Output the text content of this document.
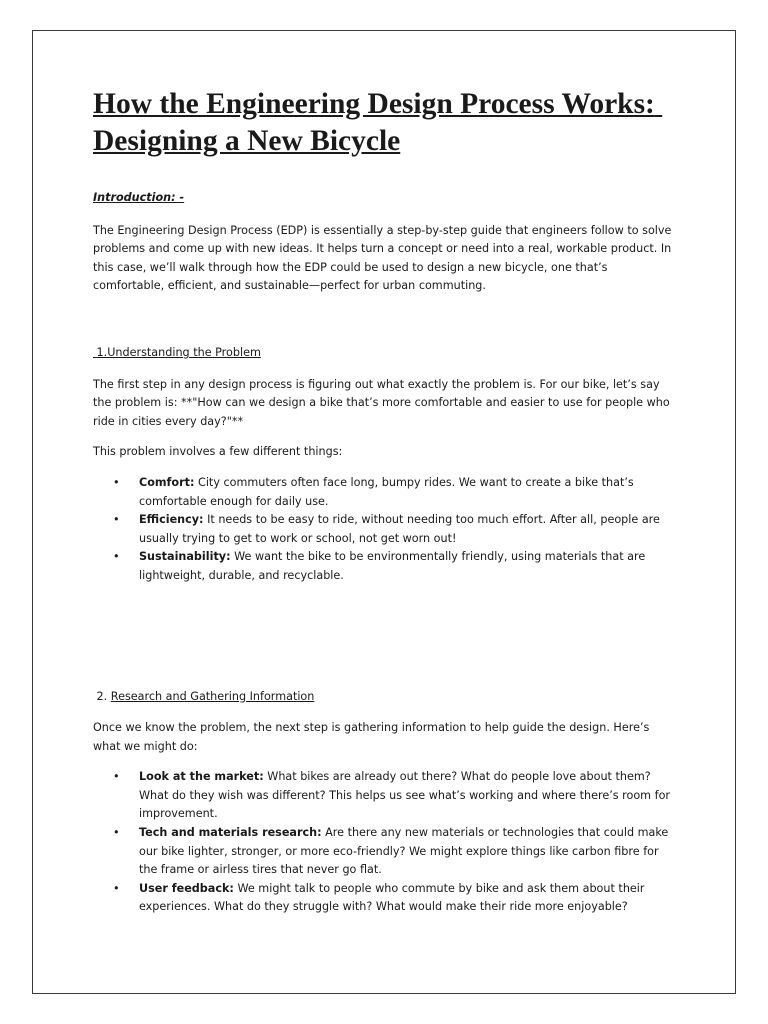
How the Engineering Design Process Works: Designing a New Bicycle
Introduction: -

The Engineering Design Process (EDP) is essentially a step-by-step guide that engineers follow to solve problems and come up with new ideas. It helps turn a concept or need into a real, workable product. In this case, we’ll walk through how the EDP could be used to design a new bicycle, one that’s comfortable, efficient, and sustainable—perfect for urban commuting.

1.Understanding the Problem

The first step in any design process is figuring out what exactly the problem is. For our bike, let’s say the problem is: **"How can we design a bike that’s more comfortable and easier to use for people who ride in cities every day?"**

This problem involves a few different things:

• Comfort: City commuters often face long, bumpy rides. We want to create a bike that’s comfortable enough for daily use.
• Efficiency: It needs to be easy to ride, without needing too much effort. After all, people are usually trying to get to work or school, not get worn out!
• Sustainability: We want the bike to be environmentally friendly, using materials that are lightweight, durable, and recyclable.
2. Research and Gathering Information

Once we know the problem, the next step is gathering information to help guide the design. Here’s what we might do:

• Look at the market: What bikes are already out there? What do people love about them? What do they wish was different? This helps us see what’s working and where there’s room for improvement.
• Tech and materials research: Are there any new materials or technologies that could make our bike lighter, stronger, or more eco-friendly? We might explore things like carbon fibre for the frame or airless tires that never go flat.
• User feedback: We might talk to people who commute by bike and ask them about their experiences. What do they struggle with? What would make their ride more enjoyable?
